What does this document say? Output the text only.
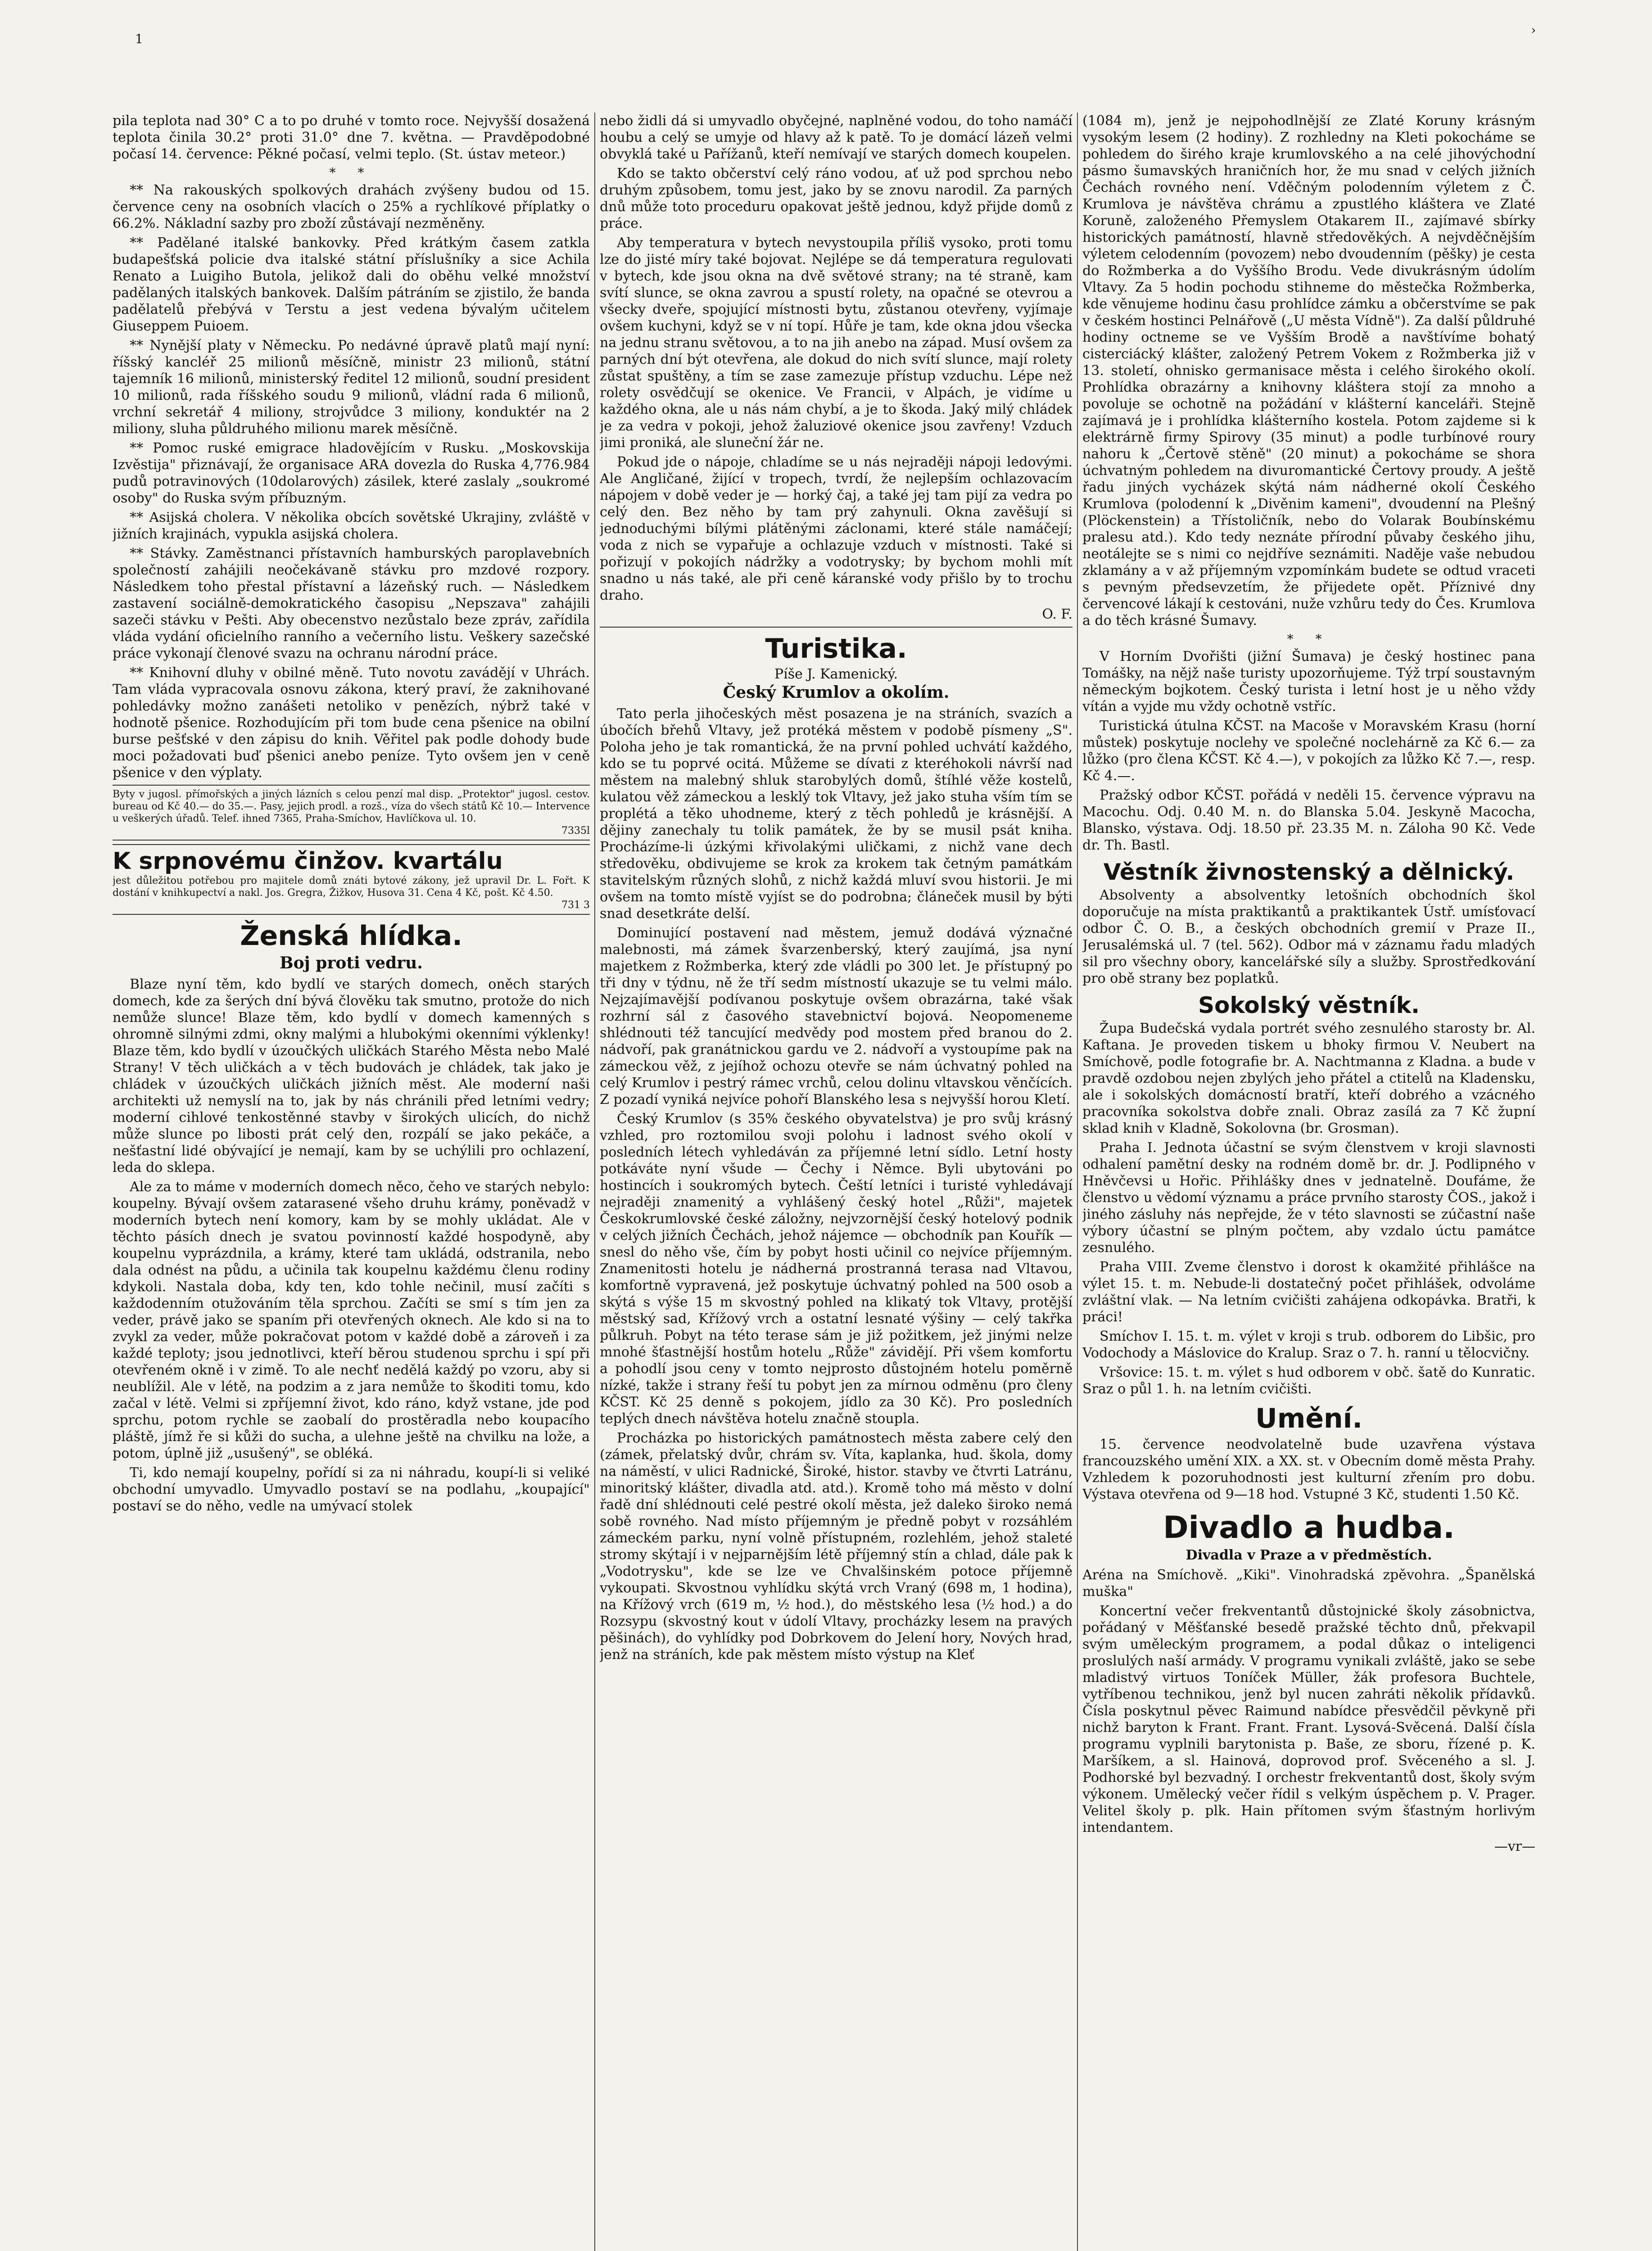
1
›

pila teplota nad 30° C a to po druhé v tomto roce. Nejvyšší dosažená teplota činila 30.2° proti 31.0° dne 7. května. — Pravděpodobné počasí 14. července: Pěkné počasí, velmi teplo. (St. ústav meteor.)

* *

** Na rakouských spolkových drahách zvýšeny budou od 15. července ceny na osobních vlacích o 25% a rychlíkové příplatky o 66.2%. Nákladní sazby pro zboží zůstávají nezměněny.

** Padělané italské bankovky. Před krátkým časem zatkla budapešťská policie dva italské státní příslušníky a sice Achila Renato a Luigiho Butola, jelikož dali do oběhu velké množství padělaných italských bankovek. Dalším pátráním se zjistilo, že banda padělatelů přebývá v Terstu a jest vedena bývalým učitelem Giuseppem Puioem.

** Nynější platy v Německu. Po nedávné úpravě platů mají nyní: říšský kancléř 25 milionů měsíčně, ministr 23 milionů, státní tajemník 16 milionů, ministerský ředitel 12 milionů, soudní president 10 milionů, rada říšského soudu 9 milionů, vládní rada 6 milionů, vrchní sekretář 4 miliony, strojvůdce 3 miliony, konduktér na 2 miliony, sluha půldruhého milionu marek měsíčně.

** Pomoc ruské emigrace hladovějícím v Rusku. „Moskovskija Izvěstija" přiznávají, že organisace ARA dovezla do Ruska 4,776.984 pudů potravinových (10dolarových) zásilek, které zaslaly „soukromé osoby" do Ruska svým příbuzným.

** Asijská cholera. V několika obcích sovětské Ukrajiny, zvláště v jižních krajinách, vypukla asijská cholera.

** Stávky. Zaměstnanci přístavních hamburských paroplavebních společností zahájili neočekávaně stávku pro mzdové rozpory. Následkem toho přestal přístavní a lázeňský ruch. — Následkem zastavení sociálně-demokratického časopisu „Nepszava" zahájili sazeči stávku v Pešti. Aby obecenstvo nezůstalo beze zpráv, zařídila vláda vydání oficielního ranního a večerního listu. Veškery sazečské práce vykonají členové svazu na ochranu národní práce.

** Knihovní dluhy v obilné měně. Tuto novotu zavádějí v Uhrách. Tam vláda vypracovala osnovu zákona, který praví, že zaknihované pohledávky možno zanášeti netoliko v penězích, nýbrž také v hodnotě pšenice. Rozhodujícím při tom bude cena pšenice na obilní burse pešťské v den zápisu do knih. Věřitel pak podle dohody bude moci požadovati buď pšenici anebo peníze. Tyto ovšem jen v ceně pšenice v den výplaty.

Byty v jugosl. přímořských a jiných lázních s celou penzí mal disp. „Protektor" jugosl. cestov. bureau od Kč 40.— do 35.—. Pasy, jejich prodl. a rozš., víza do všech států Kč 10.— Intervence u veškerých úřadů. Telef. ihned 7365, Praha-Smíchov, Havlíčkova ul. 10.
7335l
K srpnovému činžov. kvartálu
jest důležitou potřebou pro majitele domů znáti bytové zákony, jež upravil Dr. L. Fořt. K dostání v knihkupectví a nakl. Jos. Gregra, Žižkov, Husova 31. Cena 4 Kč, pošt. Kč 4.50.
731 3
Ženská hlídka.
Boj proti vedru.

Blaze nyní těm, kdo bydlí ve starých domech, oněch starých domech, kde za šerých dní bývá člověku tak smutno, protože do nich nemůže slunce! Blaze těm, kdo bydlí v domech kamenných s ohromně silnými zdmi, okny malými a hlubokými okenními výklenky! Blaze těm, kdo bydlí v úzoučkých uličkách Starého Města nebo Malé Strany! V těch uličkách a v těch budovách je chládek, tak jako je chládek v úzoučkých uličkách jižních měst. Ale moderní naši architekti už nemyslí na to, jak by nás chránili před letními vedry; moderní cihlové tenkostěnné stavby v širokých ulicích, do nichž může slunce po libosti prát celý den, rozpálí se jako pekáče, a nešťastní lidé obývající je nemají, kam by se uchýlili pro ochlazení, leda do sklepa.

Ale za to máme v moderních domech něco, čeho ve starých nebylo: koupelny. Bývají ovšem zatarasené všeho druhu krámy, poněvadž v moderních bytech není komory, kam by se mohly ukládat. Ale v těchto pásích dnech je svatou povinností každé hospodyně, aby koupelnu vyprázdnila, a krámy, které tam ukládá, odstranila, nebo dala odnést na půdu, a učinila tak koupelnu každému členu rodiny kdykoli. Nastala doba, kdy ten, kdo tohle nečinil, musí začíti s každodenním otužováním těla sprchou. Začíti se smí s tím jen za veder, právě jako se spaním při otevřených oknech. Ale kdo si na to zvykl za veder, může pokračovat potom v každé době a zároveň i za každé teploty; jsou jednotlivci, kteří běrou studenou sprchu i spí při otevřeném okně i v zimě. To ale nechť nedělá každý po vzoru, aby si neublížil. Ale v létě, na podzim a z jara nemůže to škoditi tomu, kdo začal v létě. Velmi si zpříjemní život, kdo ráno, když vstane, jde pod sprchu, potom rychle se zaobalí do prostěradla nebo koupacího pláště, jímž ře si kůži do sucha, a ulehne ještě na chvilku na lože, a potom, úplně již „usušený", se obléká.

Ti, kdo nemají koupelny, pořídí si za ni náhradu, koupí-li si veliké obchodní umyvadlo. Umyvadlo postaví se na podlahu, „koupající" postaví se do něho, vedle na umývací stolek

nebo židli dá si umyvadlo obyčejné, naplněné vodou, do toho namáčí houbu a celý se umyje od hlavy až k patě. To je domácí lázeň velmi obvyklá také u Pařížanů, kteří nemívají ve starých domech koupelen.

Kdo se takto občerství celý ráno vodou, ať už pod sprchou nebo druhým způsobem, tomu jest, jako by se znovu narodil. Za parných dnů může toto proceduru opakovat ještě jednou, když přijde domů z práce.

Aby temperatura v bytech nevystoupila příliš vysoko, proti tomu lze do jisté míry také bojovat. Nejlépe se dá temperatura regulovati v bytech, kde jsou okna na dvě světové strany; na té straně, kam svítí slunce, se okna zavrou a spustí rolety, na opačné se otevrou a všecky dveře, spojující místnosti bytu, zůstanou otevřeny, vyjímaje ovšem kuchyni, když se v ní topí. Hůře je tam, kde okna jdou všecka na jednu stranu světovou, a to na jih anebo na západ. Musí ovšem za parných dní být otevřena, ale dokud do nich svítí slunce, mají rolety zůstat spuštěny, a tím se zase zamezuje přístup vzduchu. Lépe než rolety osvědčují se okenice. Ve Francii, v Alpách, je vidíme u každého okna, ale u nás nám chybí, a je to škoda. Jaký milý chládek je za vedra v pokoji, jehož žaluziové okenice jsou zavřeny! Vzduch jimi proniká, ale sluneční žár ne.

Pokud jde o nápoje, chladíme se u nás nejraději nápoji ledovými. Ale Angličané, žijící v tropech, tvrdí, že nejlepším ochlazovacím nápojem v době veder je — horký čaj, a také jej tam pijí za vedra po celý den. Bez něho by tam prý zahynuli. Okna zavěšují si jednoduchými bílými plátěnými záclonami, které stále namáčejí; voda z nich se vypařuje a ochlazuje vzduch v místnosti. Také si pořizují v pokojích nádržky a vodotrysky; by bychom mohli mít snadno u nás také, ale při ceně káranské vody přišlo by to trochu draho.

O. F.
Turistika.
Píše J. Kamenický.
Český Krumlov a okolím.

Tato perla jihočeských měst posazena je na stráních, svazích a úbočích břehů Vltavy, jež protéká městem v podobě písmeny „S". Poloha jeho je tak romantická, že na první pohled uchvátí každého, kdo se tu poprvé ocitá. Můžeme se dívati z kteréhokoli návrší nad městem na malebný shluk starobylých domů, štíhlé věže kostelů, kulatou věž zámeckou a lesklý tok Vltavy, jež jako stuha vším tím se proplétá a těko uhodneme, který z těch pohledů je krásnější. A dějiny zanechaly tu tolik památek, že by se musil psát kniha. Procházíme-li úzkými křivolakými uličkami, z nichž vane dech středověku, obdivujeme se krok za krokem tak četným památkám stavitelským různých slohů, z nichž každá mluví svou historii. Je mi ovšem na tomto místě vyjíst se do podrobna; článeček musil by býti snad desetkráte delší.

Dominující postavení nad městem, jemuž dodává význačné malebnosti, má zámek švarzenberský, který zaujímá, jsa nyní majetkem z Rožmberka, který zde vládli po 300 let. Je přístupný po tři dny v týdnu, ně že tří sedm místností ukazuje se tu velmi málo. Nejzajímavější podívanou poskytuje ovšem obrazárna, také však rozhrní sál z časového stavebnictví bojová. Neopomeneme shlédnouti též tancující medvědy pod mostem před branou do 2. nádvoří, pak granátnickou gardu ve 2. nádvoří a vystoupíme pak na zámeckou věž, z jejíhož ochozu otevře se nám úchvatný pohled na celý Krumlov i pestrý rámec vrchů, celou dolinu vltavskou věnčících. Z pozadí vyniká nejvíce pohoří Blanského lesa s nejvyšší horou Kletí.

Český Krumlov (s 35% českého obyvatelstva) je pro svůj krásný vzhled, pro roztomilou svoji polohu i ladnost svého okolí v posledních létech vyhledáván za příjemné letní sídlo. Letní hosty potkáváte nyní všude — Čechy i Němce. Byli ubytováni po hostincích i soukromých bytech. Čeští letníci i turisté vyhledávají nejraději znamenitý a vyhlášený český hotel „Růži", majetek Českokrumlovské české záložny, nejvzornější český hotelový podnik v celých jižních Čechách, jehož nájemce — obchodník pan Kouřík — snesl do něho vše, čím by pobyt hosti učinil co nejvíce příjemným. Znamenitosti hotelu je nádherná prostranná terasa nad Vltavou, komfortně vypravená, jež poskytuje úchvatný pohled na 500 osob a skýtá s výše 15 m skvostný pohled na klikatý tok Vltavy, protější městský sad, Křížový vrch a ostatní lesnaté výšiny — celý takřka půlkruh. Pobyt na této terase sám je již požitkem, jež jinými nelze mnohé šťastnější hostům hotelu „Růže" závidějí. Při všem komfortu a pohodlí jsou ceny v tomto nejprosto důstojném hotelu poměrně nízké, takže i strany řeší tu pobyt jen za mírnou odměnu (pro členy KČST. Kč 25 denně s pokojem, jídlo za 30 Kč). Pro posledních teplých dnech návštěva hotelu značně stoupla.

Procházka po historických památnostech města zabere celý den (zámek, přelatský dvůr, chrám sv. Víta, kaplanka, hud. škola, domy na náměstí, v ulici Radnické, Široké, histor. stavby ve čtvrti Latránu, minoritský klášter, divadla atd. atd.). Kromě toho má město v dolní řadě dní shlédnouti celé pestré okolí města, jež daleko široko nemá sobě rovného. Nad místo příjemným je předně pobyt v rozsáhlém zámeckém parku, nyní volně přístupném, rozlehlém, jehož staleté stromy skýtají i v nejparnějším létě příjemný stín a chlad, dále pak k „Vodotrysku", kde se lze ve Chvalšinském potoce příjemně vykoupati. Skvostnou vyhlídku skýtá vrch Vraný (698 m, 1 hodina), na Křížový vrch (619 m, ½ hod.), do městského lesa (½ hod.) a do Rozsypu (skvostný kout v údolí Vltavy, procházky lesem na pravých pěšinách), do vyhlídky pod Dobrkovem do Jelení hory, Nových hrad, jenž na stráních, kde pak městem místo výstup na Kleť

(1084 m), jenž je nejpohodlnější ze Zlaté Koruny krásným vysokým lesem (2 hodiny). Z rozhledny na Kleti pokocháme se pohledem do širého kraje krumlovského a na celé jihovýchodní pásmo šumavských hraničních hor, že mu snad v celých jižních Čechách rovného není. Vděčným polodenním výletem z Č. Krumlova je návštěva chrámu a zpustlého kláštera ve Zlaté Koruně, založeného Přemyslem Otakarem II., zajímavé sbírky historických památností, hlavně středověkých. A nejvděčnějším výletem celodenním (povozem) nebo dvoudenním (pěšky) je cesta do Rožmberka a do Vyššího Brodu. Vede divukrásným údolím Vltavy. Za 5 hodin pochodu stihneme do městečka Rožmberka, kde věnujeme hodinu času prohlídce zámku a občerstvíme se pak v českém hostinci Pelnářově („U města Vídně"). Za další půldruhé hodiny octneme se ve Vyšším Brodě a navštívíme bohatý cisterciácký klášter, založený Petrem Vokem z Rožmberka již v 13. století, ohnisko germanisace města i celého širokého okolí. Prohlídka obrazárny a knihovny kláštera stojí za mnoho a povoluje se ochotně na požádání v klášterní kanceláři. Stejně zajímavá je i prohlídka klášterního kostela. Potom zajdeme si k elektrárně firmy Spirovy (35 minut) a podle turbínové roury nahoru k „Čertově stěně" (20 minut) a pokocháme se shora úchvatným pohledem na divuromantické Čertovy proudy. A ještě řadu jiných vycházek skýtá nám nádherné okolí Českého Krumlova (polodenní k „Divěnim kameni", dvoudenní na Plešný (Plöckenstein) a Třístoličník, nebo do Volarak Boubínskému pralesu atd.). Kdo tedy neznáte přírodní půvaby českého jihu, neotálejte se s nimi co nejdříve seznámiti. Naděje vaše nebudou zklamány a v až příjemným vzpomínkám budete se odtud vraceti s pevným předsevzetím, že přijedete opět. Příznivé dny červencové lákají k cestováni, nuže vzhůru tedy do Čes. Krumlova a do těch krásné Šumavy.

* *

V Horním Dvořišti (jižní Šumava) je český hostinec pana Tomášky, na nějž naše turisty upozorňujeme. Týž trpí soustavným německým bojkotem. Český turista i letní host je u něho vždy vítán a vyjde mu vždy ochotně vstříc.

Turistická útulna KČST. na Macoše v Moravském Krasu (horní můstek) poskytuje noclehy ve společné noclehárně za Kč 6.— za lůžko (pro člena KČST. Kč 4.—), v pokojích za lůžko Kč 7.—, resp. Kč 4.—.

Pražský odbor KČST. pořádá v neděli 15. července výpravu na Macochu. Odj. 0.40 M. n. do Blanska 5.04. Jeskyně Macocha, Blansko, výstava. Odj. 18.50 př. 23.35 M. n. Záloha 90 Kč. Vede dr. Th. Bastl.

Věstník živnostenský a dělnický.

Absolventy a absolventky letošních obchodních škol doporučuje na místa praktikantů a praktikantek Ústř. umísťovací odbor Č. O. B., a českých obchodních gremií v Praze II., Jerusalémská ul. 7 (tel. 562). Odbor má v záznamu řadu mladých sil pro všechny obory, kancelářské síly a služby. Sprostředkování pro obě strany bez poplatků.

Sokolský věstník.

Župa Budečská vydala portrét svého zesnulého starosty br. Al. Kaftana. Je proveden tiskem u bhoky firmou V. Neubert na Smíchově, podle fotografie br. A. Nachtmanna z Kladna. a bude v pravdě ozdobou nejen zbylých jeho přátel a ctitelů na Kladensku, ale i sokolských domácností bratří, kteří dobrého a vzácného pracovníka sokolstva dobře znali. Obraz zasílá za 7 Kč župní sklad knih v Kladně, Sokolovna (br. Grosman).

Praha I. Jednota účastní se svým členstvem v kroji slavnosti odhalení pamětní desky na rodném domě br. dr. J. Podlipného v Hněvčevsi u Hořic. Přihlášky dnes v jednatelně. Doufáme, že členstvo u vědomí významu a práce prvního starosty ČOS., jakož i jiného zásluhy nás nepřejde, že v této slavnosti se zúčastní naše výbory účastní se plným počtem, aby vzdalo úctu památce zesnulého.

Praha VIII. Zveme členstvo i dorost k okamžité přihlášce na výlet 15. t. m. Nebude-li dostatečný počet přihlášek, odvoláme zvláštní vlak. — Na letním cvičišti zahájena odkopávka. Bratři, k práci!

Smíchov I. 15. t. m. výlet v kroji s trub. odborem do Libšic, pro Vodochody a Máslovice do Kralup. Sraz o 7. h. ranní u tělocvičny.

Vršovice: 15. t. m. výlet s hud odborem v obč. šatě do Kunratic. Sraz o půl 1. h. na letním cvičišti.

Umění.

15. července neodvolatelně bude uzavřena výstava francouzského umění XIX. a XX. st. v Obecním domě města Prahy. Vzhledem k pozoruhodnosti jest kulturní zřením pro dobu. Výstava otevřena od 9—18 hod. Vstupné 3 Kč, studenti 1.50 Kč.

Divadlo a hudba.
Divadla v Praze a v předměstích.

Aréna na Smíchově. „Kiki". Vinohradská zpěvohra. „Španělská muška"

Koncertní večer frekventantů důstojnické školy zásobnictva, pořádaný v Měšťanské besedě pražské těchto dnů, překvapil svým uměleckým programem, a podal důkaz o inteligenci proslulých naší armády. V programu vynikali zvláště, jako se sebe mladistvý virtuos Toníček Müller, žák profesora Buchtele, vytříbenou technikou, jenž byl nucen zahráti několik přídavků. Čísla poskytnul pěvec Raimund nabídce přesvědčil pěvkyně při nichž baryton k Frant. Frant. Frant. Lysová-Svěcená. Další čísla programu vyplnili barytonista p. Baše, ze sboru, řízené p. K. Maršíkem, a sl. Hainová, doprovod prof. Svěceného a sl. J. Podhorské byl bezvadný. I orchestr frekventantů dost, školy svým výkonem. Umělecký večer řídil s velkým úspěchem p. V. Prager. Velitel školy p. plk. Hain přítomen svým šťastným horlivým intendantem.

—vr—
